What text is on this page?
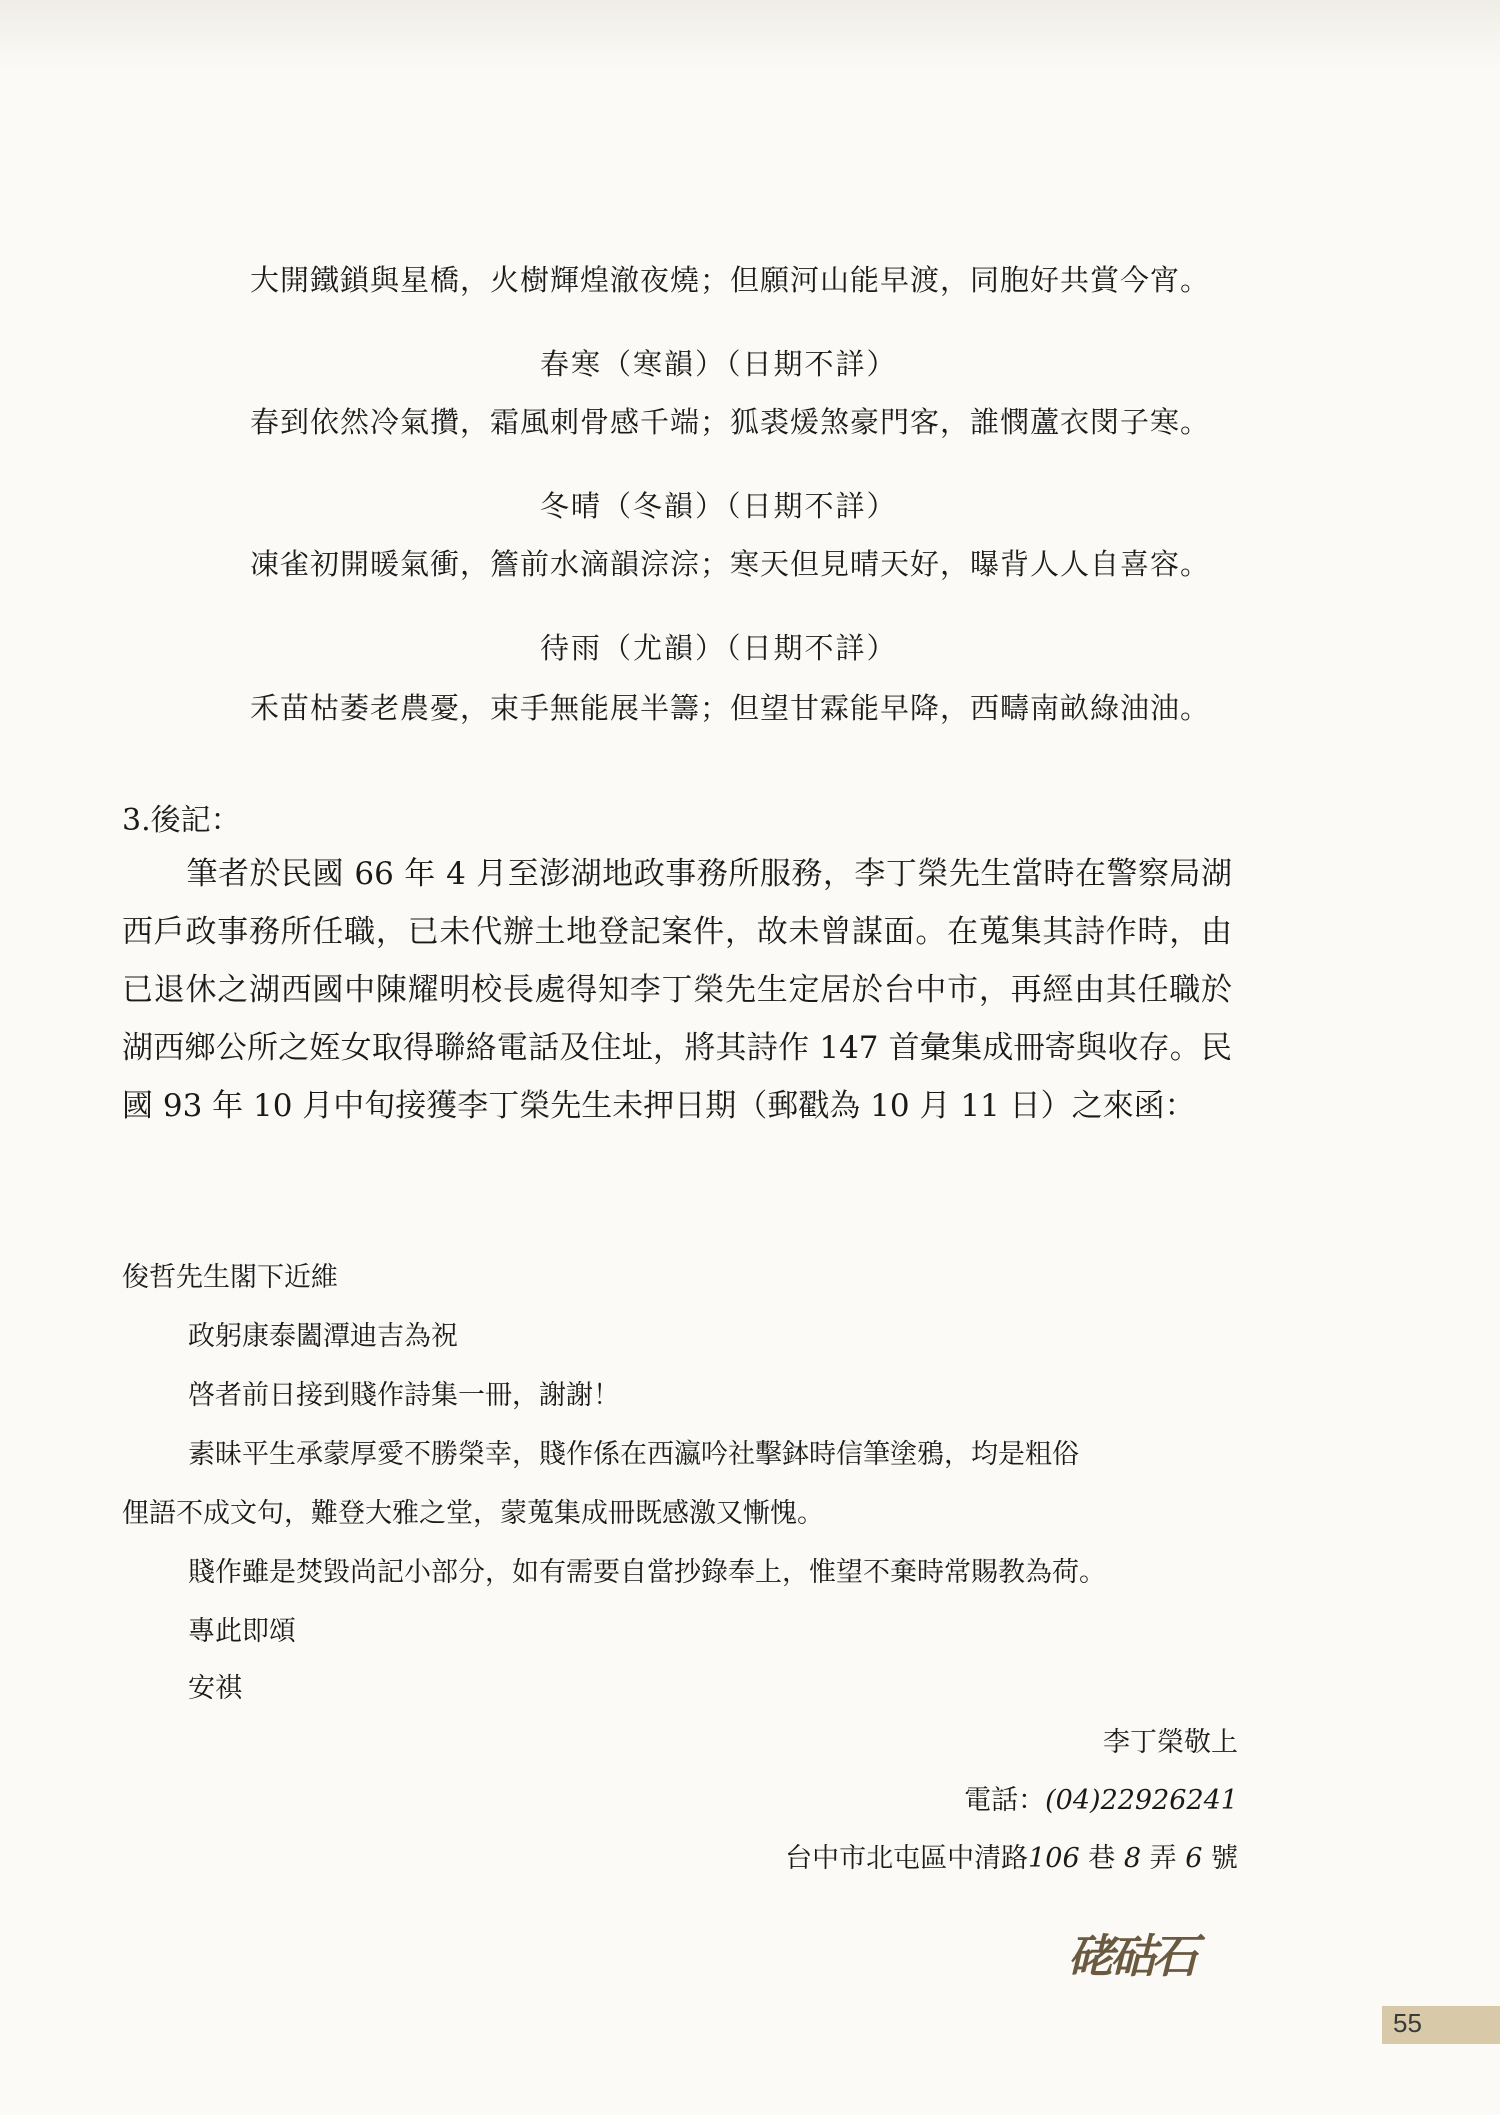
大開鐵鎖與星橋，火樹輝煌澈夜燒；但願河山能早渡，同胞好共賞今宵。
春寒（寒韻）（日期不詳）
春到依然冷氣攢，霜風刺骨感千端；狐裘煖煞豪門客，誰憫蘆衣閔子寒。
冬晴（冬韻）（日期不詳）
凍雀初開暖氣衝，簷前水滴韻淙淙；寒天但見晴天好，曝背人人自喜容。
待雨（尤韻）（日期不詳）
禾苗枯萎老農憂，束手無能展半籌；但望甘霖能早降，西疇南畝綠油油。
3.後記：
筆者於民國 66 年 4 月至澎湖地政事務所服務，李丁榮先生當時在警察局湖西戶政事務所任職，已未代辦土地登記案件，故未曾謀面。在蒐集其詩作時，由已退休之湖西國中陳耀明校長處得知李丁榮先生定居於台中市，再經由其任職於湖西鄉公所之姪女取得聯絡電話及住址，將其詩作 147 首彙集成冊寄與收存。民國 93 年 10 月中旬接獲李丁榮先生未押日期（郵戳為 10 月 11 日）之來函：
俊哲先生閣下近維
政躬康泰闔潭迪吉為祝
啓者前日接到賤作詩集一冊，謝謝！
素昧平生承蒙厚愛不勝榮幸，賤作係在西瀛吟社擊鉢時信筆塗鴉，均是粗俗
俚語不成文句，難登大雅之堂，蒙蒐集成冊既感激又慚愧。
賤作雖是焚毀尚記小部分，如有需要自當抄錄奉上，惟望不棄時常賜教為荷。
專此即頌
安祺
李丁榮敬上
電話：(04)22926241
台中市北屯區中清路106 巷 8 弄 6 號
硓𥑮石
55
